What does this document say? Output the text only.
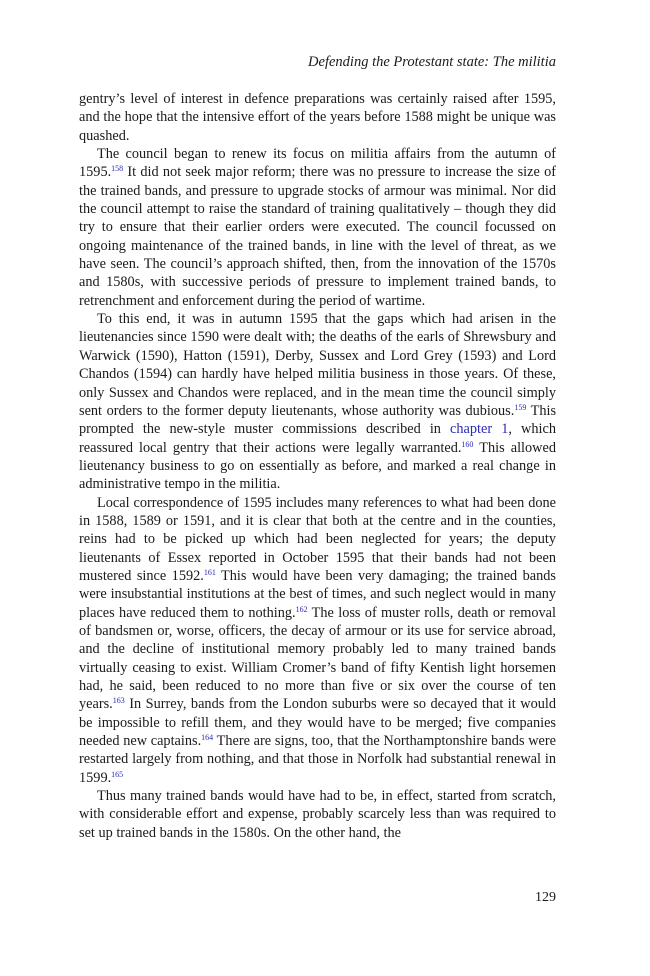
Defending the Protestant state: The militia

gentry’s level of interest in defence preparations was certainly raised after 1595, and the hope that the intensive effort of the years before 1588 might be unique was quashed.

The council began to renew its focus on militia affairs from the autumn of 1595.$^{158}$ It did not seek major reform; there was no pressure to increase the size of the trained bands, and pressure to upgrade stocks of armour was minimal. Nor did the council attempt to raise the standard of training qualitatively – though they did try to ensure that their earlier orders were executed. The council focussed on ongoing maintenance of the trained bands, in line with the level of threat, as we have seen. The council’s approach shifted, then, from the innovation of the 1570s and 1580s, with successive periods of pressure to implement trained bands, to retrenchment and enforcement during the period of wartime.

To this end, it was in autumn 1595 that the gaps which had arisen in the lieutenancies since 1590 were dealt with; the deaths of the earls of Shrewsbury and Warwick (1590), Hatton (1591), Derby, Sussex and Lord Grey (1593) and Lord Chandos (1594) can hardly have helped militia business in those years. Of these, only Sussex and Chandos were replaced, and in the mean time the council simply sent orders to the former deputy lieutenants, whose authority was dubious.$^{159}$ This prompted the new-style muster commissions described in chapter 1, which reassured local gentry that their actions were legally warranted.$^{160}$ This allowed lieutenancy business to go on essentially as before, and marked a real change in administrative tempo in the militia.

Local correspondence of 1595 includes many references to what had been done in 1588, 1589 or 1591, and it is clear that both at the centre and in the counties, reins had to be picked up which had been neglected for years; the deputy lieutenants of Essex reported in October 1595 that their bands had not been mustered since 1592.$^{161}$ This would have been very damaging; the trained bands were insubstantial institutions at the best of times, and such neglect would in many places have reduced them to nothing.$^{162}$ The loss of muster rolls, death or removal of bandsmen or, worse, officers, the decay of armour or its use for service abroad, and the decline of institutional memory probably led to many trained bands virtually ceasing to exist. William Cromer’s band of fifty Kentish light horsemen had, he said, been reduced to no more than five or six over the course of ten years.$^{163}$ In Surrey, bands from the London suburbs were so decayed that it would be impossible to refill them, and they would have to be merged; five companies needed new captains.$^{164}$ There are signs, too, that the Northamptonshire bands were restarted largely from nothing, and that those in Norfolk had substantial renewal in 1599.$^{165}$

Thus many trained bands would have had to be, in effect, started from scratch, with considerable effort and expense, probably scarcely less than was required to set up trained bands in the 1580s. On the other hand, the

129
